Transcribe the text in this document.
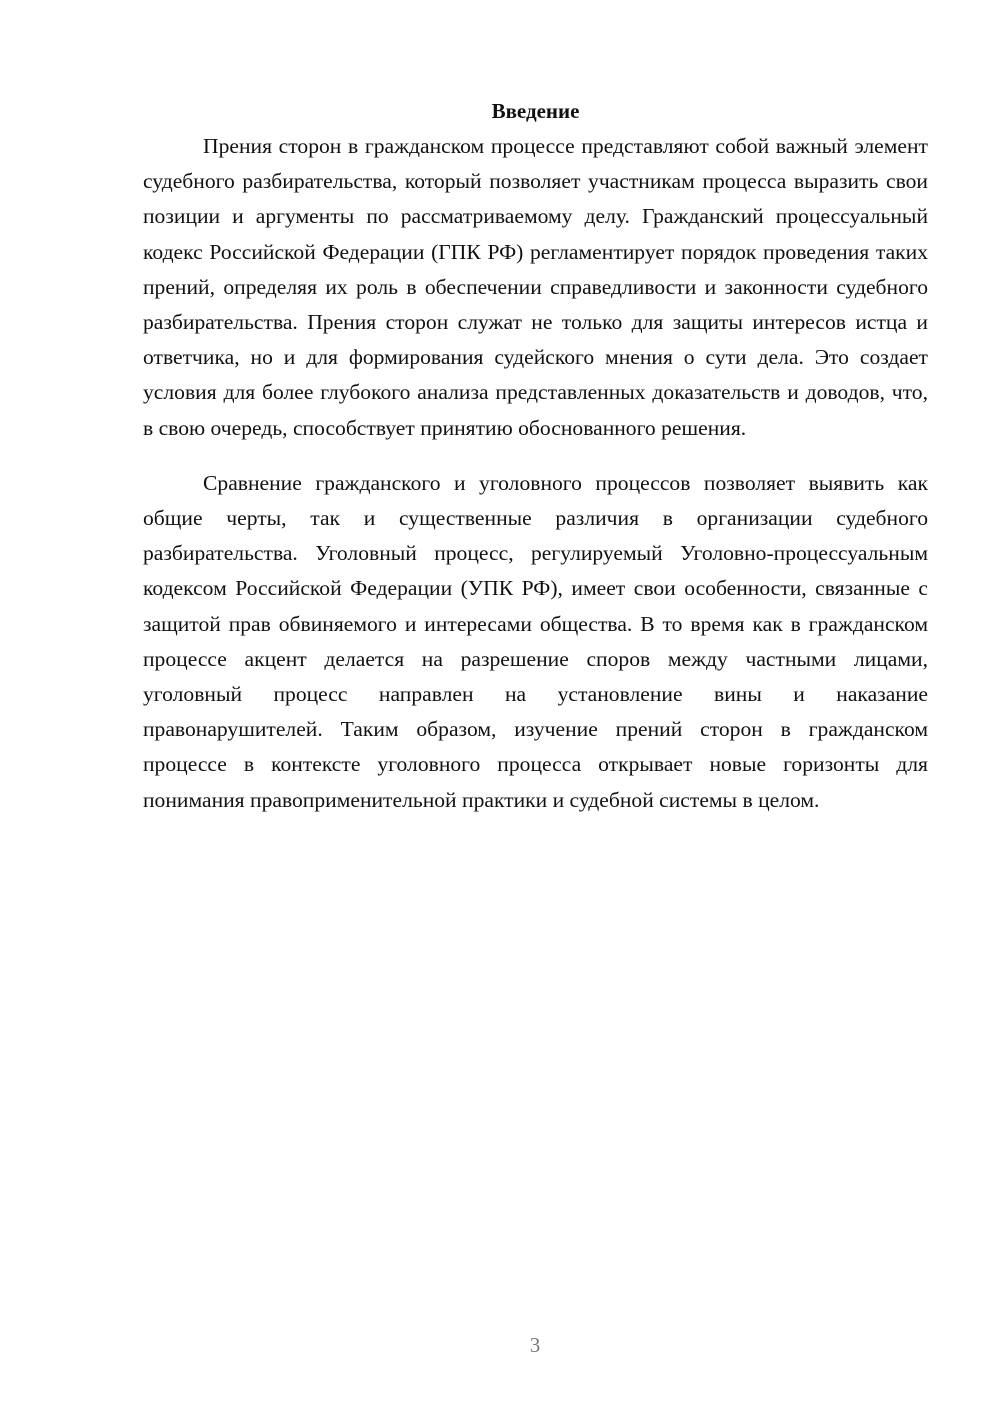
Введение

Прения сторон в гражданском процессе представляют собой важный элемент судебного разбирательства, который позволяет участникам процесса выразить свои позиции и аргументы по рассматриваемому делу. Гражданский процессуальный кодекс Российской Федерации (ГПК РФ) регламентирует порядок проведения таких прений, определяя их роль в обеспечении справедливости и законности судебного разбирательства. Прения сторон служат не только для защиты интересов истца и ответчика, но и для формирования судейского мнения о сути дела. Это создает условия для более глубокого анализа представленных доказательств и доводов, что, в свою очередь, способствует принятию обоснованного решения.

Сравнение гражданского и уголовного процессов позволяет выявить как общие черты, так и существенные различия в организации судебного разбирательства. Уголовный процесс, регулируемый Уголовно-процессуальным кодексом Российской Федерации (УПК РФ), имеет свои особенности, связанные с защитой прав обвиняемого и интересами общества. В то время как в гражданском процессе акцент делается на разрешение споров между частными лицами, уголовный процесс направлен на установление вины и наказание правонарушителей. Таким образом, изучение прений сторон в гражданском процессе в контексте уголовного процесса открывает новые горизонты для понимания правоприменительной практики и судебной системы в целом.

3
